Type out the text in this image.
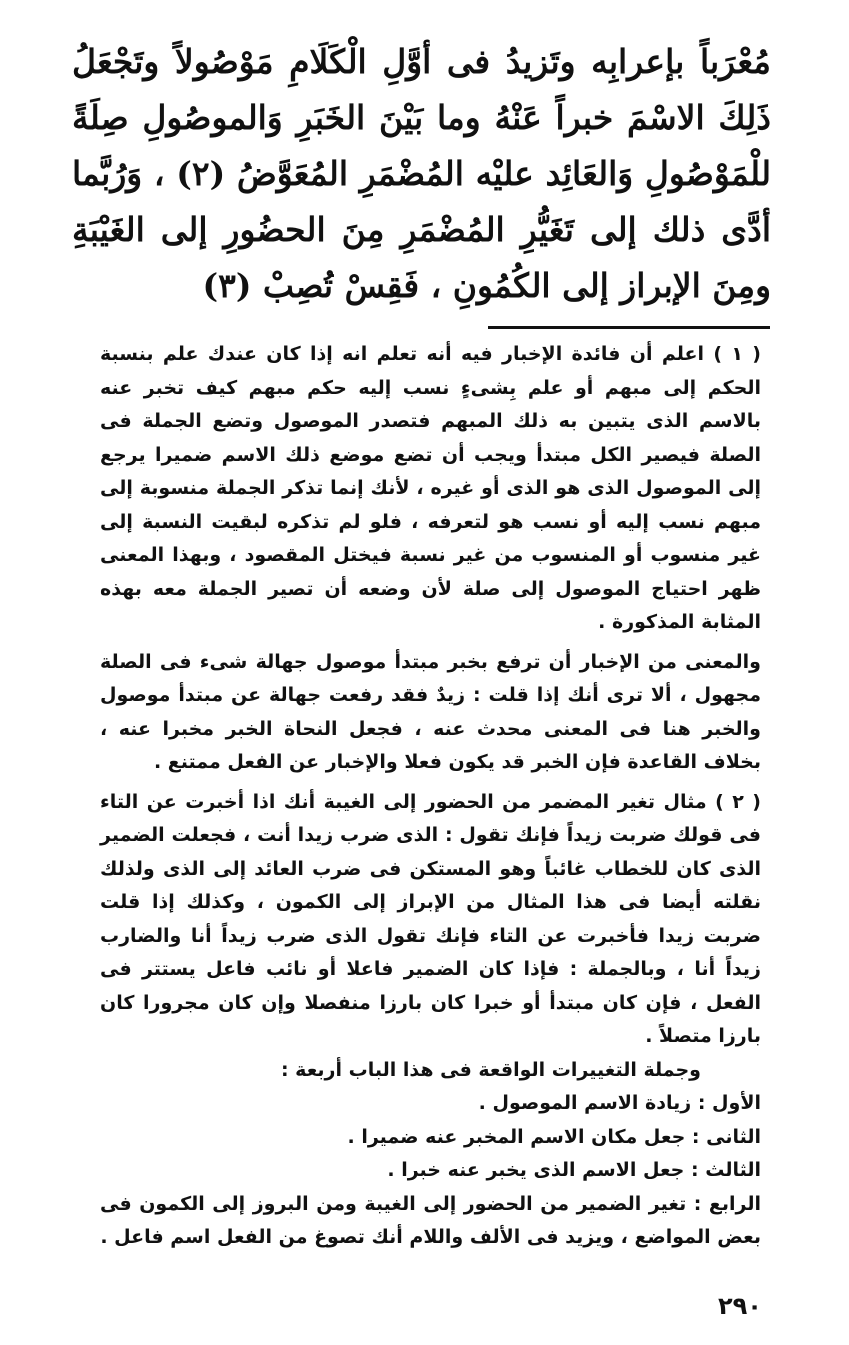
مُعْرَباً بإعرابِه وتَزيدُ فى أوَّلِ الْكَلَامِ مَوْصُولاً وتَجْعَلُ ذَلِكَ الاسْمَ خبراً عَنْهُ وما بَيْنَ الخَبَرِ وَالموصُولِ صِلَةً للْمَوْصُولِ وَالعَائِد عليْه المُضْمَرِ المُعَوَّضُ (٢) ، وَرُبَّما أدَّى ذلك إلى تَغَيُّرِ المُضْمَرِ مِنَ الحضُورِ إلى الغَيْبَةِ ومِنَ الإبراز إلى الكُمُونِ ، فَقِسْ تُصِبْ (٣)

( ١ ) اعلم أن فائدة الإخبار فيه أنه تعلم انه إذا كان عندك علم بنسبة الحكم إلى مبهم أو علم بِشىءٍ نسب إليه حكم مبهم كيف تخبر عنه بالاسم الذى يتبين به ذلك المبهم فتصدر الموصول وتضع الجملة فى الصلة فيصير الكل مبتدأ ويجب أن تضع موضع ذلك الاسم ضميرا يرجع إلى الموصول الذى هو الذى أو غيره ، لأنك إنما تذكر الجملة منسوبة إلى مبهم نسب إليه أو نسب هو لتعرفه ، فلو لم تذكره لبقيت النسبة إلى غير منسوب أو المنسوب من غير نسبة فيختل المقصود ، وبهذا المعنى ظهر احتياج الموصول إلى صلة لأن وضعه أن تصير الجملة معه بهذه المثابة المذكورة .

والمعنى من الإخبار أن ترفع بخبر مبتدأ موصول جهالة شىء فى الصلة مجهول ، ألا ترى أنك إذا قلت : زيدٌ فقد رفعت جهالة عن مبتدأ موصول والخبر هنا فى المعنى محدث عنه ، فجعل النحاة الخبر مخبرا عنه ، بخلاف القاعدة فإن الخبر قد يكون فعلا والإخبار عن الفعل ممتنع .

( ٢ ) مثال تغير المضمر من الحضور إلى الغيبة أنك اذا أخبرت عن التاء فى قولك ضربت زيداً فإنك تقول : الذى ضرب زيدا أنت ، فجعلت الضمير الذى كان للخطاب غائباً وهو المستكن فى ضرب العائد إلى الذى ولذلك نقلته أيضا فى هذا المثال من الإبراز إلى الكمون ، وكذلك إذا قلت ضربت زيدا فأخبرت عن التاء فإنك تقول الذى ضرب زيداً أنا والضارب زيداً أنا ، وبالجملة : فإذا كان الضمير فاعلا أو نائب فاعل يستتر فى الفعل ، فإن كان مبتدأ أو خبرا كان بارزا منفصلا وإن كان مجرورا كان بارزا متصلاً .

وجملة التغييرات الواقعة فى هذا الباب أربعة :

الأول : زيادة الاسم الموصول .

الثانى : جعل مكان الاسم المخبر عنه ضميرا .

الثالث : جعل الاسم الذى يخبر عنه خبرا .

الرابع : تغير الضمير من الحضور إلى الغيبة ومن البروز إلى الكمون فى بعض المواضع ، ويزيد فى الألف واللام أنك تصوغ من الفعل اسم فاعل .

٢٩٠
